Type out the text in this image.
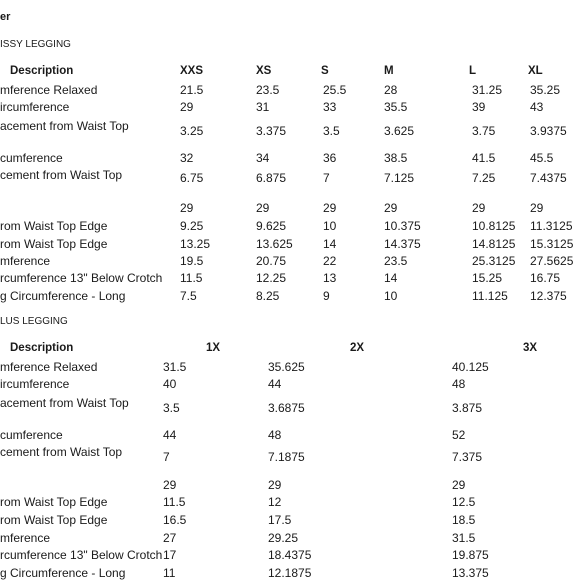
er
ISSY LEGGING
Description	XXS	XS	S	M	L	XL
mference Relaxed	21.5	23.5	25.5	28	31.25 35.25
ircumference	29	31	33	35.5	39	43
acement from Waist Top	3.25	3.375	3.5	3.625	3.75	3.9375
cumference	32	34	36	38.5	41.5	45.5
cement from Waist Top	6.75	6.875	7	7.125	7.25	7.4375
29	29	29	29	29	29
rom Waist Top Edge	9.25	9.625	10	10.375	10.8125 11.3125
rom Waist Top Edge	13.25	13.625	14	14.375	14.8125 15.3125
mference	19.5	20.75	22	23.5	25.3125 27.5625
rcumference 13" Below Crotch 11.5	12.25	13	14	15.25 16.75
g Circumference - Long	7.5	8.25	9	10	11.125 12.375
LUS LEGGING
Description	1X	2X	3X
mference Relaxed	31.5	35.625	40.125
ircumference	40	44	48
acement from Waist Top	3.5	3.6875	3.875
cumference	44	48	52
cement from Waist Top	7	7.1875	7.375
29	29	29
rom Waist Top Edge	11.5	12	12.5
rom Waist Top Edge	16.5	17.5	18.5
mference	27	29.25	31.5
rcumference 13" Below Crotch 17	18.4375	19.875
g Circumference - Long	11	12.1875	13.375
